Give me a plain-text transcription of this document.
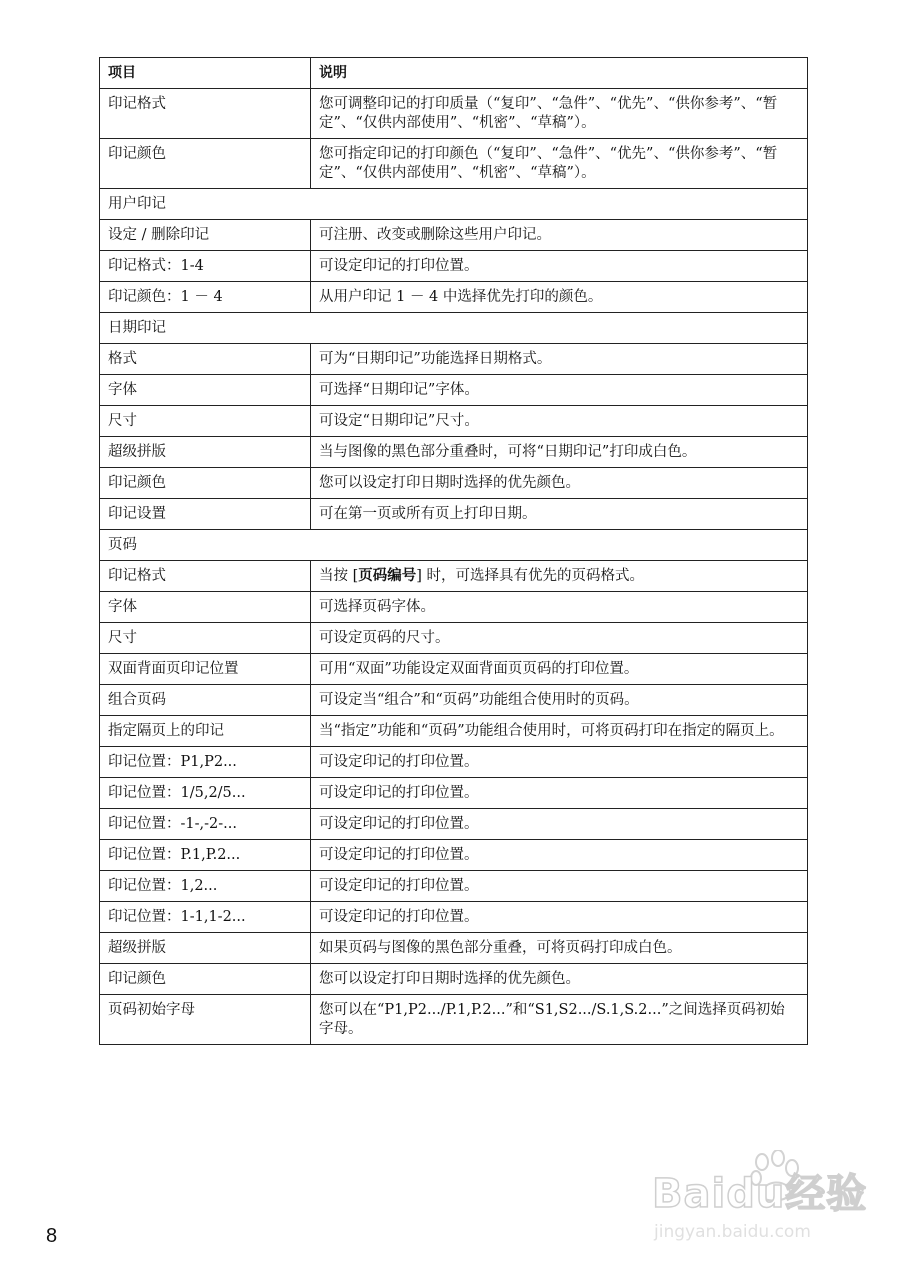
项目	说明
印记格式	您可调整印记的打印质量（“复印”、“急件”、“优先”、“供你参考”、“暂定”、“仅供内部使用”、“机密”、“草稿”）。
印记颜色	您可指定印记的打印颜色（“复印”、“急件”、“优先”、“供你参考”、“暂定”、“仅供内部使用”、“机密”、“草稿”）。
用户印记	
设定 / 删除印记	可注册、改变或删除这些用户印记。
印记格式：1-4	可设定印记的打印位置。
印记颜色：1 － 4	从用户印记 1 － 4 中选择优先打印的颜色。
日期印记	
格式	可为“日期印记”功能选择日期格式。
字体	可选择“日期印记”字体。
尺寸	可设定“日期印记”尺寸。
超级拼版	当与图像的黑色部分重叠时，可将“日期印记”打印成白色。
印记颜色	您可以设定打印日期时选择的优先颜色。
印记设置	可在第一页或所有页上打印日期。
页码	
印记格式	当按 [页码编号] 时，可选择具有优先的页码格式。
字体	可选择页码字体。
尺寸	可设定页码的尺寸。
双面背面页印记位置	可用“双面”功能设定双面背面页页码的打印位置。
组合页码	可设定当“组合”和“页码”功能组合使用时的页码。
指定隔页上的印记	当“指定”功能和“页码”功能组合使用时，可将页码打印在指定的隔页上。
印记位置：P1,P2...	可设定印记的打印位置。
印记位置：1/5,2/5...	可设定印记的打印位置。
印记位置：-1-,-2-...	可设定印记的打印位置。
印记位置：P.1,P.2...	可设定印记的打印位置。
印记位置：1,2...	可设定印记的打印位置。
印记位置：1-1,1-2...	可设定印记的打印位置。
超级拼版	如果页码与图像的黑色部分重叠，可将页码打印成白色。
印记颜色	您可以设定打印日期时选择的优先颜色。
页码初始字母	您可以在“P1,P2.../P.1,P.2...”和“S1,S2.../S.1,S.2...”之间选择页码初始字母。
8
Baidu经验
jingyan.baidu.com
